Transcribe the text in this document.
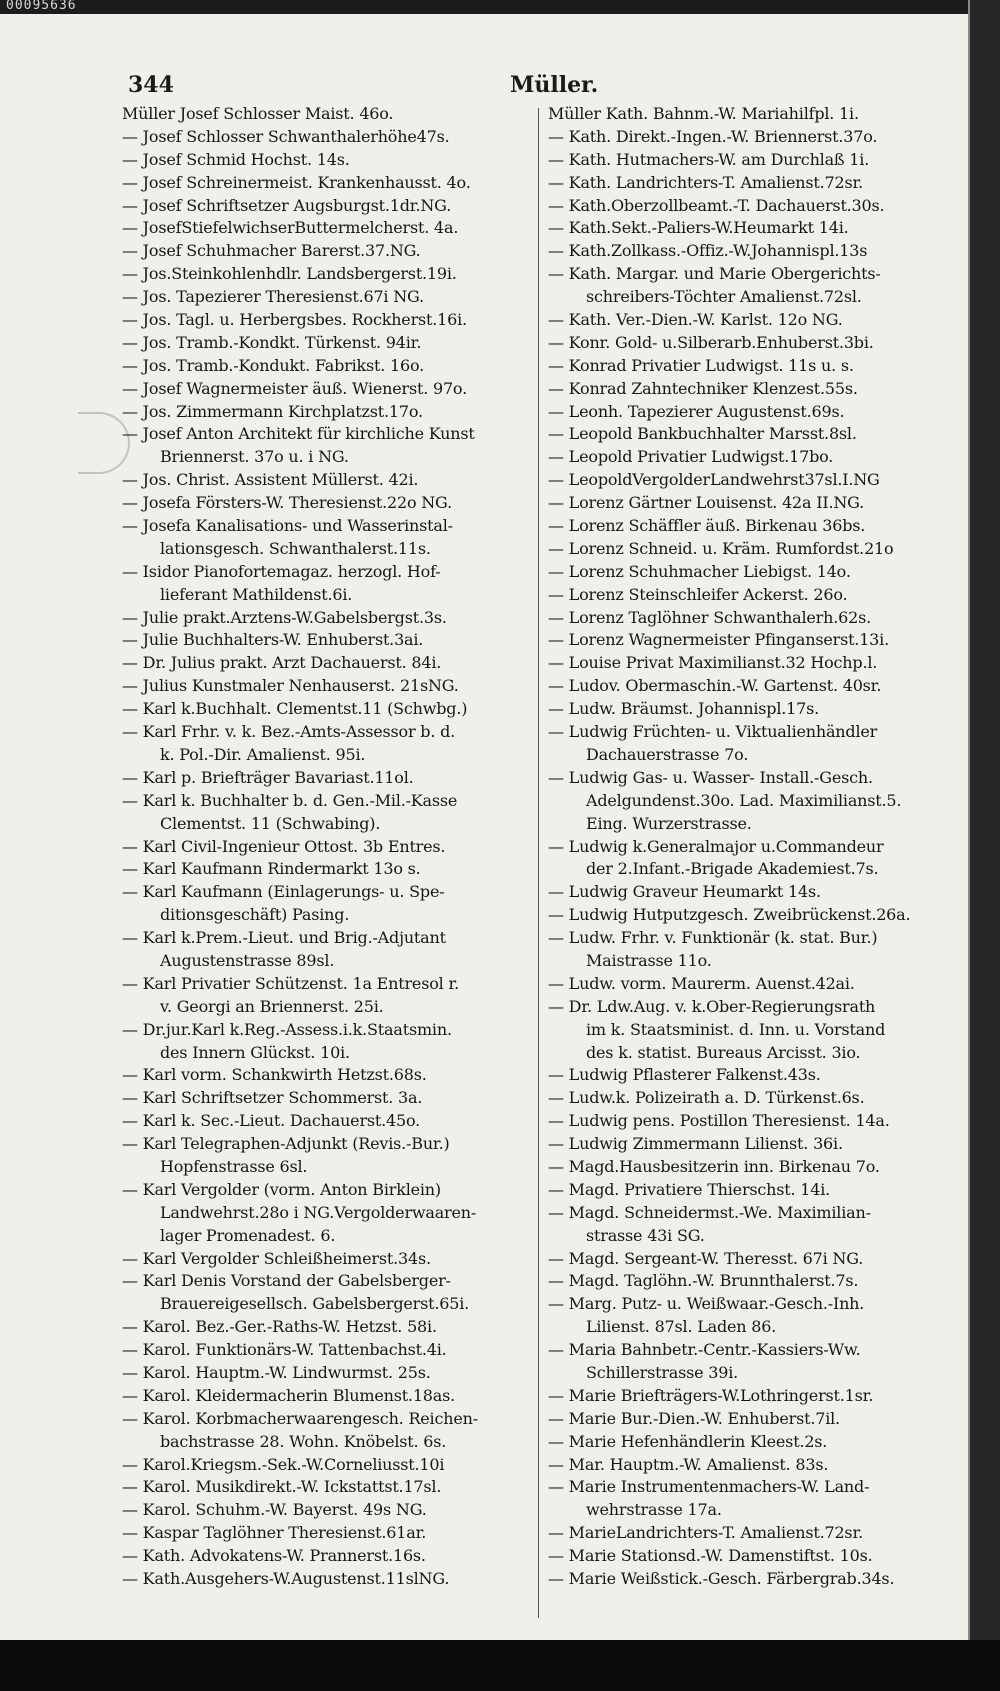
00095636
344	Müller.
Müller Josef Schlosser Maist. 46o.
— Josef Schlosser Schwanthalerhöhe47s.
— Josef Schmid Hochst. 14s.
— Josef Schreinermeist. Krankenhausst. 4o.
— Josef Schriftsetzer Augsburgst.1dr.NG.
— JosefStiefelwichserButtermelcherst. 4a.
— Josef Schuhmacher Barerst.37.NG.
— Jos.Steinkohlenhdlr. Landsbergerst.19i.
— Jos. Tapezierer Theresienst.67i NG.
— Jos. Tagl. u. Herbergsbes. Rockherst.16i.
— Jos. Tramb.-Kondkt. Türkenst. 94ir.
— Jos. Tramb.-Kondukt. Fabrikst. 16o.
— Josef Wagnermeister äuß. Wienerst. 97o.
— Jos. Zimmermann Kirchplatzst.17o.
— Josef Anton Architekt für kirchliche Kunst
Briennerst. 37o u. i NG.
— Jos. Christ. Assistent Müllerst. 42i.
— Josefa Försters-W. Theresienst.22o NG.
— Josefa Kanalisations- und Wasserinstal-
lationsgesch. Schwanthalerst.11s.
— Isidor Pianofortemagaz. herzogl. Hof-
lieferant Mathildenst.6i.
— Julie prakt.Arztens-W.Gabelsbergst.3s.
— Julie Buchhalters-W. Enhuberst.3ai.
— Dr. Julius prakt. Arzt Dachauerst. 84i.
— Julius Kunstmaler Nenhauserst. 21sNG.
— Karl k.Buchhalt. Clementst.11 (Schwbg.)
— Karl Frhr. v. k. Bez.-Amts-Assessor b. d.
k. Pol.-Dir. Amalienst. 95i.
— Karl p. Briefträger Bavariast.11ol.
— Karl k. Buchhalter b. d. Gen.-Mil.-Kasse
Clementst. 11 (Schwabing).
— Karl Civil-Ingenieur Ottost. 3b Entres.
— Karl Kaufmann Rindermarkt 13o s.
— Karl Kaufmann (Einlagerungs- u. Spe-
ditionsgeschäft) Pasing.
— Karl k.Prem.-Lieut. und Brig.-Adjutant
Augustenstrasse 89sl.
— Karl Privatier Schützenst. 1a Entresol r.
v. Georgi an Briennerst. 25i.
— Dr.jur.Karl k.Reg.-Assess.i.k.Staatsmin.
des Innern Glückst. 10i.
— Karl vorm. Schankwirth Hetzst.68s.
— Karl Schriftsetzer Schommerst. 3a.
— Karl k. Sec.-Lieut. Dachauerst.45o.
— Karl Telegraphen-Adjunkt (Revis.-Bur.)
Hopfenstrasse 6sl.
— Karl Vergolder (vorm. Anton Birklein)
Landwehrst.28o i NG.Vergolderwaaren-
lager Promenadest. 6.
— Karl Vergolder Schleißheimerst.34s.
— Karl Denis Vorstand der Gabelsberger-
Brauereigesellsch. Gabelsbergerst.65i.
— Karol. Bez.-Ger.-Raths-W. Hetzst. 58i.
— Karol. Funktionärs-W. Tattenbachst.4i.
— Karol. Hauptm.-W. Lindwurmst. 25s.
— Karol. Kleidermacherin Blumenst.18as.
— Karol. Korbmacherwaarengesch. Reichen-
bachstrasse 28. Wohn. Knöbelst. 6s.
— Karol.Kriegsm.-Sek.-W.Corneliusst.10i
— Karol. Musikdirekt.-W. Ickstattst.17sl.
— Karol. Schuhm.-W. Bayerst. 49s NG.
— Kaspar Taglöhner Theresienst.61ar.
— Kath. Advokatens-W. Prannerst.16s.
— Kath.Ausgehers-W.Augustenst.11slNG.
Müller Kath. Bahnm.-W. Mariahilfpl. 1i.
— Kath. Direkt.-Ingen.-W. Briennerst.37o.
— Kath. Hutmachers-W. am Durchlaß 1i.
— Kath. Landrichters-T. Amalienst.72sr.
— Kath.Oberzollbeamt.-T. Dachauerst.30s.
— Kath.Sekt.-Paliers-W.Heumarkt 14i.
— Kath.Zollkass.-Offiz.-W.Johannispl.13s
— Kath. Margar. und Marie Obergerichts-
schreibers-Töchter Amalienst.72sl.
— Kath. Ver.-Dien.-W. Karlst. 12o NG.
— Konr. Gold- u.Silberarb.Enhuberst.3bi.
— Konrad Privatier Ludwigst. 11s u. s.
— Konrad Zahntechniker Klenzest.55s.
— Leonh. Tapezierer Augustenst.69s.
— Leopold Bankbuchhalter Marsst.8sl.
— Leopold Privatier Ludwigst.17bo.
— LeopoldVergolderLandwehrst37sl.I.NG
— Lorenz Gärtner Louisenst. 42a II.NG.
— Lorenz Schäffler äuß. Birkenau 36bs.
— Lorenz Schneid. u. Kräm. Rumfordst.21o
— Lorenz Schuhmacher Liebigst. 14o.
— Lorenz Steinschleifer Ackerst. 26o.
— Lorenz Taglöhner Schwanthalerh.62s.
— Lorenz Wagnermeister Pfinganserst.13i.
— Louise Privat Maximilianst.32 Hochp.l.
— Ludov. Obermaschin.-W. Gartenst. 40sr.
— Ludw. Bräumst. Johannispl.17s.
— Ludwig Früchten- u. Viktualienhändler
Dachauerstrasse 7o.
— Ludwig Gas- u. Wasser- Install.-Gesch.
Adelgundenst.30o. Lad. Maximilianst.5.
Eing. Wurzerstrasse.
— Ludwig k.Generalmajor u.Commandeur
der 2.Infant.-Brigade Akademiest.7s.
— Ludwig Graveur Heumarkt 14s.
— Ludwig Hutputzgesch. Zweibrückenst.26a.
— Ludw. Frhr. v. Funktionär (k. stat. Bur.)
Maistrasse 11o.
— Ludw. vorm. Maurerm. Auenst.42ai.
— Dr. Ldw.Aug. v. k.Ober-Regierungsrath
im k. Staatsminist. d. Inn. u. Vorstand
des k. statist. Bureaus Arcisst. 3io.
— Ludwig Pflasterer Falkenst.43s.
— Ludw.k. Polizeirath a. D. Türkenst.6s.
— Ludwig pens. Postillon Theresienst. 14a.
— Ludwig Zimmermann Lilienst. 36i.
— Magd.Hausbesitzerin inn. Birkenau 7o.
— Magd. Privatiere Thierschst. 14i.
— Magd. Schneidermst.-We. Maximilian-
strasse 43i SG.
— Magd. Sergeant-W. Theresst. 67i NG.
— Magd. Taglöhn.-W. Brunnthalerst.7s.
— Marg. Putz- u. Weißwaar.-Gesch.-Inh.
Lilienst. 87sl. Laden 86.
— Maria Bahnbetr.-Centr.-Kassiers-Ww.
Schillerstrasse 39i.
— Marie Briefträgers-W.Lothringerst.1sr.
— Marie Bur.-Dien.-W. Enhuberst.7il.
— Marie Hefenhändlerin Kleest.2s.
— Mar. Hauptm.-W. Amalienst. 83s.
— Marie Instrumentenmachers-W. Land-
wehrstrasse 17a.
— MarieLandrichters-T. Amalienst.72sr.
— Marie Stationsd.-W. Damenstiftst. 10s.
— Marie Weißstick.-Gesch. Färbergrab.34s.
